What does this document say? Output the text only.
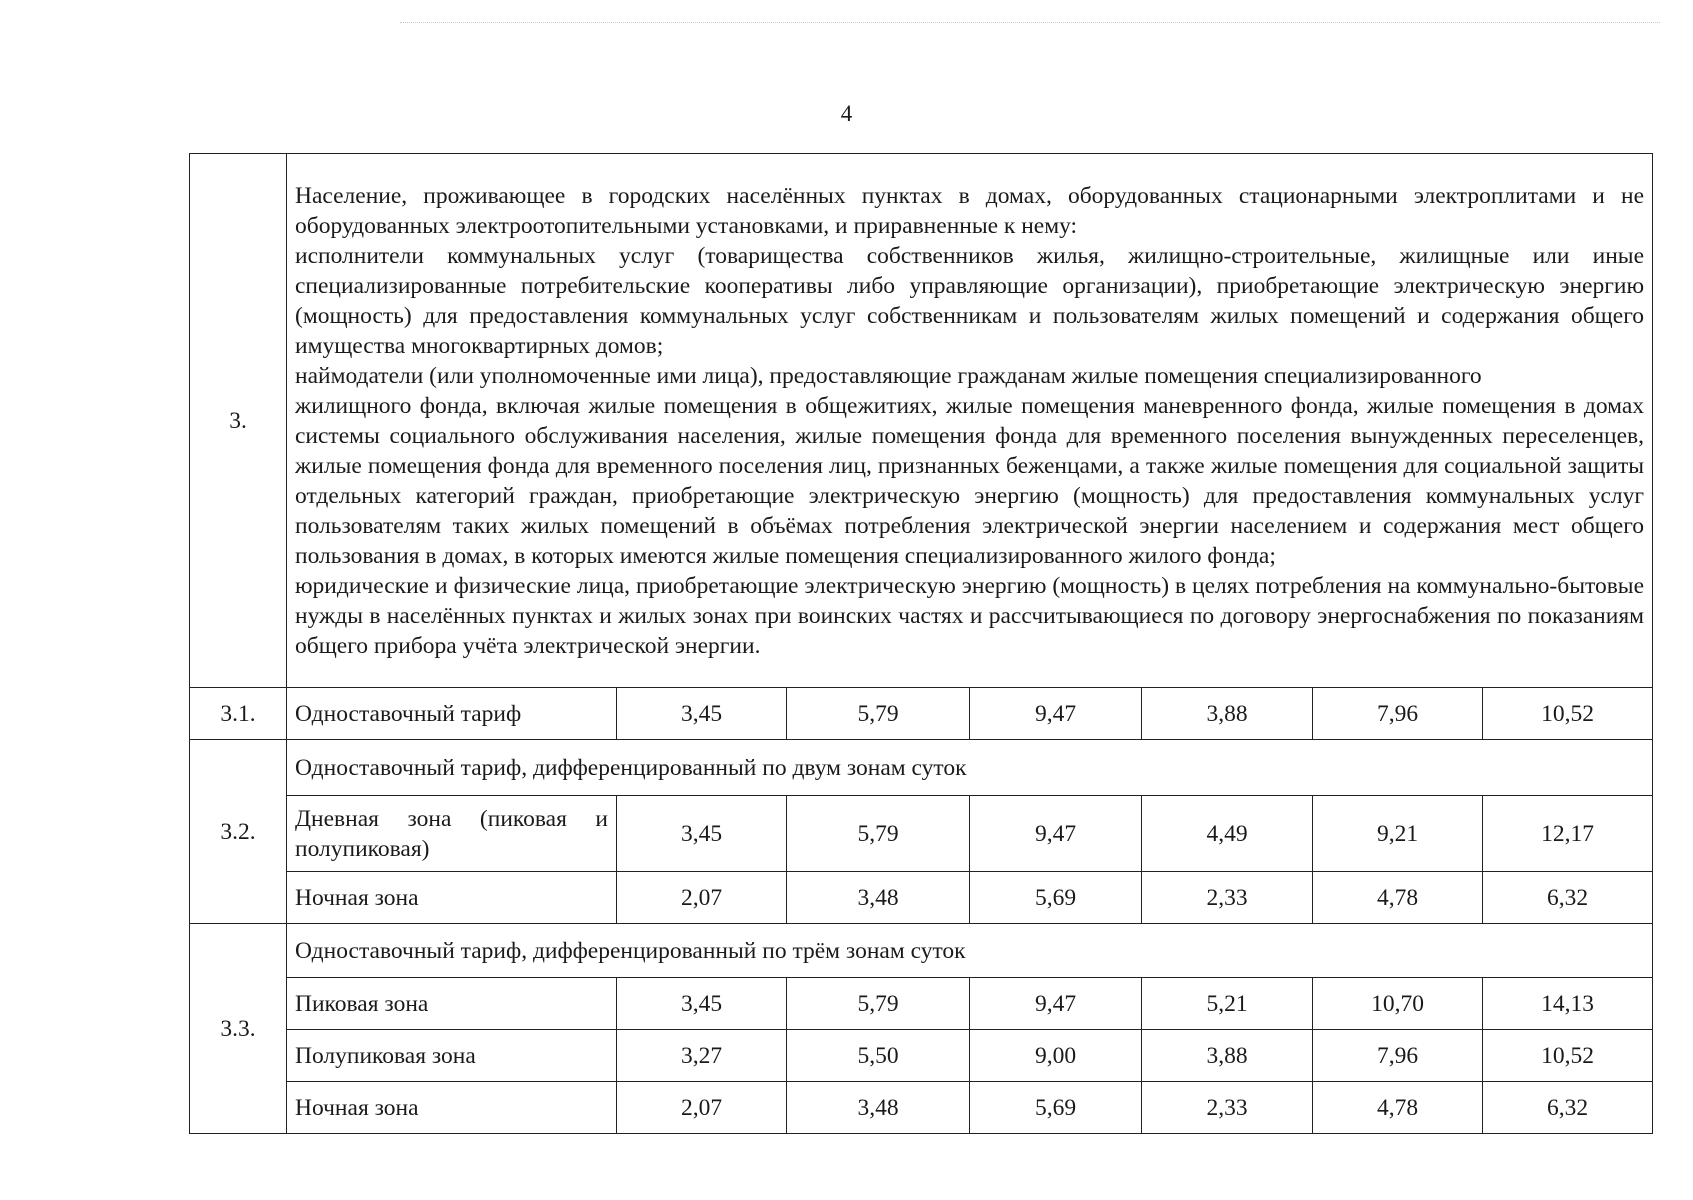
4
3.	Население, проживающее в городских населённых пунктах в домах, оборудованных стационарными электроплитами и не оборудованных электроотопительными установками, и приравненные к нему:
исполнители коммунальных услуг (товарищества собственников жилья, жилищно-строительные, жилищные или иные специализированные потребительские кооперативы либо управляющие организации), приобретающие электрическую энергию (мощность) для предоставления коммунальных услуг собственникам и пользователям жилых помещений и содержания общего имущества многоквартирных домов;
наймодатели (или уполномоченные ими лица), предоставляющие гражданам жилые помещения специализированного
жилищного фонда, включая жилые помещения в общежитиях, жилые помещения маневренного фонда, жилые помещения в домах системы социального обслуживания населения, жилые помещения фонда для временного поселения вынужденных переселенцев, жилые помещения фонда для временного поселения лиц, признанных беженцами, а также жилые помещения для социальной защиты отдельных категорий граждан, приобретающие электрическую энергию (мощность) для предоставления коммунальных услуг пользователям таких жилых помещений в объёмах потребления электрической энергии населением и содержания мест общего пользования в домах, в которых имеются жилые помещения специализированного жилого фонда;
юридические и физические лица, приобретающие электрическую энергию (мощность) в целях потребления на коммунально-бытовые нужды в населённых пунктах и жилых зонах при воинских частях и рассчитывающиеся по договору энергоснабжения по показаниям общего прибора учёта электрической энергии.						

3.1.	Одноставочный тариф	3,45	5,79	9,47	3,88	7,96	10,52
3.2.	Одноставочный тариф, дифференцированный по двум зонам суток						
	Дневная зона (пиковая и полупиковая)	3,45	5,79	9,47	4,49	9,21	12,17
	Ночная зона	2,07	3,48	5,69	2,33	4,78	6,32
3.3.	Одноставочный тариф, дифференцированный по трём зонам суток						
	Пиковая зона	3,45	5,79	9,47	5,21	10,70	14,13
	Полупиковая зона	3,27	5,50	9,00	3,88	7,96	10,52
	Ночная зона	2,07	3,48	5,69	2,33	4,78	6,32
